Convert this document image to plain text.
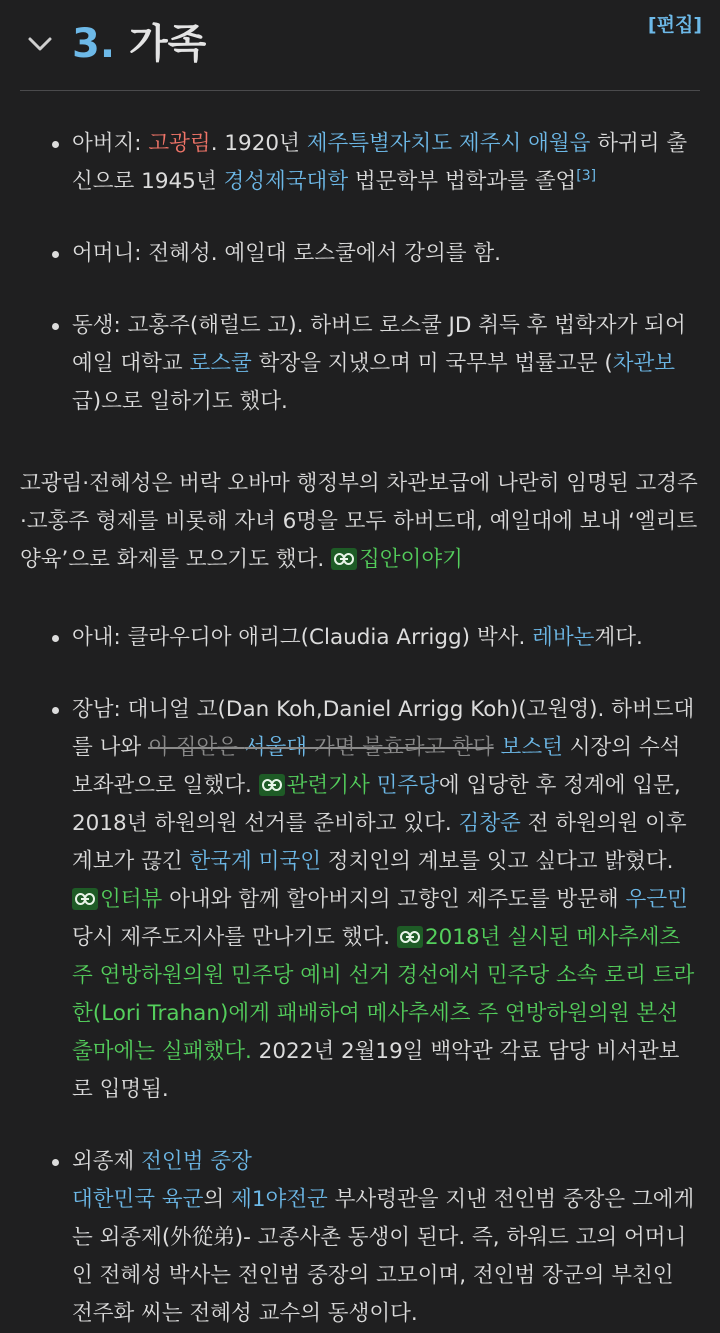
3. 가족	[편집]
아버지: 고광림. 1920년 제주특별자치도 제주시 애월읍 하귀리 출신으로 1945년 경성제국대학 법문학부 법학과를 졸업[3]
어머니: 전혜성. 예일대 로스쿨에서 강의를 함.
동생: 고홍주(해럴드 고). 하버드 로스쿨 JD 취득 후 법학자가 되어 예일 대학교 로스쿨 학장을 지냈으며 미 국무부 법률고문 (차관보 급)으로 일하기도 했다.

고광림·전혜성은 버락 오바마 행정부의 차관보급에 나란히 임명된 고경주·고홍주 형제를 비롯해 자녀 6명을 모두 하버드대, 예일대에 보내 ‘엘리트 양육’으로 화제를 모으기도 했다.
집안이야기

아내: 클라우디아 애리그(Claudia Arrigg) 박사. 레바논계다.
장남: 대니얼 고(Dan Koh,Daniel Arrigg Koh)(고원영). 하버드대를 나와 이 집안은 서울대 가면 불효라고 한다 보스턴 시장의 수석보좌관으로 일했다.
관련기사 민주당에 입당한 후 정계에 입문, 2018년 하원의원 선거를 준비하고 있다. 김창준 전 하원의원 이후 계보가 끊긴 한국계 미국인 정치인의 계보를 잇고 싶다고 밝혔다.
인터뷰 아내와 함께 할아버지의 고향인 제주도를 방문해 우근민 당시 제주도지사를 만나기도 했다.
2018년 실시된 메사추세츠 주 연방하원의원 민주당 예비 선거 경선에서 민주당 소속 로리 트라한(Lori Trahan)에게 패배하여 메사추세츠 주 연방하원의원 본선 출마에는 실패했다. 2022년 2월19일 백악관 각료 담당 비서관보로 입명됨.
외종제 전인범 중장
대한민국 육군의 제1야전군 부사령관을 지낸 전인범 중장은 그에게는 외종제(外從弟)- 고종사촌 동생이 된다. 즉, 하워드 고의 어머니인 전혜성 박사는 전인범 중장의 고모이며, 전인범 장군의 부친인 전주화 씨는 전혜성 교수의 동생이다.
